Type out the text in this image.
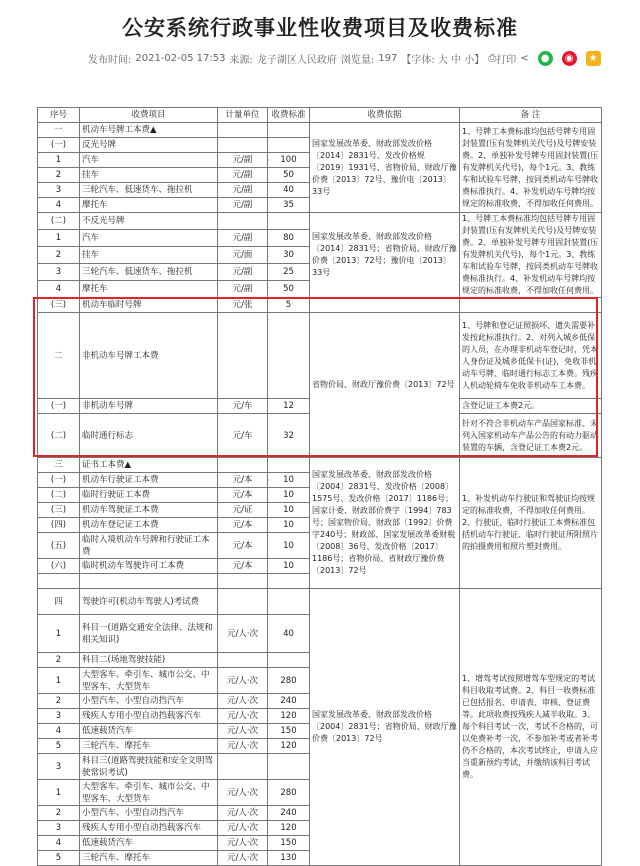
公安系统行政事业性收费项目及收费标准
发布时间: 2021-02-05 17:53 来源: 龙子湖区人民政府 浏览量: 197 【字体: 大 中 小】 ⎙ 打印 <	●	◉	★
序号	收费项目	计量单位	收费标准	收费依据	备 注
一	机动车号牌工本费▲			国家发展改革委、财政部发改价格〔2014〕2831号、发改价格规〔2019〕1931号、省物价局、财政厅豫价费〔2013〕72号、豫价电〔2013〕33号	1、号牌工本费标准均包括号牌专用固封装置(压有发牌机关代号)及号牌安装费。2、单独补发号牌专用固封装置(压有发牌机关代号)，每个1元。3、教练车和试验车号牌，按同类机动车号牌收费标准执行。4、补发机动车号牌均按规定的标准收费，不得加收任何费用。
(一)	反光号牌				
1	汽车	元/副	100		
2	挂车	元/副	50		
3	三轮汽车、低速货车、拖拉机	元/副	40		
4	摩托车	元/副	35		
(二)	不反光号牌			国家发展改革委、财政部发改价格〔2014〕2831号；省物价局、财政厅豫价费〔2013〕72号；豫价电〔2013〕33号	1、号牌工本费标准均包括号牌专用固封装置(压有发牌机关代号)及号牌安装费。2、单独补发号牌专用固封装置(压有发牌机关代号)，每个1元。3、教练车和试验车号牌，按同类机动车号牌收费标准执行。4、补发机动车号牌均按规定的标准收费，不得加收任何费用。
1	汽车	元/副	80		
2	挂车	元/面	30		
3	三轮汽车、低速货车、拖拉机	元/副	25		
4	摩托车	元/副	50		
(三)	机动车临时号牌	元/张	5		
二	非机动车号牌工本费			省物价局、财政厅豫价费〔2013〕72号	1、号牌和登记证照损坏、遗失需要补发按此标准执行。2、对列入城乡低保的人员，在办理非机动车登记时，凭本人身份证及城乡低保卡(证)，免收非机动车号牌、临时通行标志工本费。残疾人机动轮椅车免收非机动车工本费。
(一)	非机动车号牌	元/车	12		含登记证工本费2元。
(二)	临时通行标志	元/车	32		针对不符合非机动车产品国家标准、未列入国家机动车产品公告的有动力驱动装置的车辆，含登记证工本费2元。
三	证书工本费▲			国家发展改革委、财政部发改价格〔2004〕2831号、发改价格〔2008〕1575号、发改价格〔2017〕1186号；国家计委、财政部价费字〔1994〕783号；国家物价局、财政部〔1992〕价费字240号；财政部、国家发展改革委财税〔2008〕36号、发改价格〔2017〕1186号；省物价局、省财政厅豫价费〔2013〕72号	1、补发机动车行驶证和驾驶证均按规定的标准收费，不得加收任何费用。2、行驶证、临时行驶证工本费标准包括机动车行驶证、临时行驶证所附照片的拍摄费用和照片塑封费用。
(一)	机动车行驶证工本费	元/本	10		
(二)	临时行驶证工本费	元/本	10		
(三)	机动车驾驶证工本费	元/证	10		
(四)	机动车登记证工本费	元/本	10		
(五)	临时入境机动车号牌和行驶证工本费	元/本	10		
(六)	临时机动车驾驶许可工本费	元/本	10		

四	驾驶许可(机动车驾驶人)考试费			国家发展改革委、财政部发改价格〔2004〕2831号；省物价局、财政厅豫价费〔2013〕72号	1、增驾考试按照增驾车型规定的考试科目收取考试费。2、科目一收费标准已包括报名、申请表、审核、登证费等。此项收费按残疾人减半收取。3、每个科目考试一次，考试不合格的，可以免费补考一次，不参加补考或者补考仍不合格的，本次考试终止，申请人应当重新预约考试，并缴纳该科目考试费。
1	科目一(道路交通安全法律、法规和相关知识)	元/人·次	40		
2	科目二(场地驾驶技能)				
1	大型客车、牵引车、城市公交、中型客车、大型货车	元/人·次	280		
2	小型汽车、小型自动挡汽车	元/人·次	240		
3	残疾人专用小型自动挡载客汽车	元/人·次	120		
4	低速载货汽车	元/人·次	150		
5	三轮汽车、摩托车	元/人·次	120		
3	科目三(道路驾驶技能和安全文明驾驶常识考试)				
1	大型客车、牵引车、城市公交、中型客车、大型货车	元/人·次	280		
2	小型汽车、小型自动挡汽车	元/人·次	240		
3	残疾人专用小型自动挡载客汽车	元/人·次	120		
4	低速载货汽车	元/人·次	150		
5	三轮汽车、摩托车	元/人·次	130		
